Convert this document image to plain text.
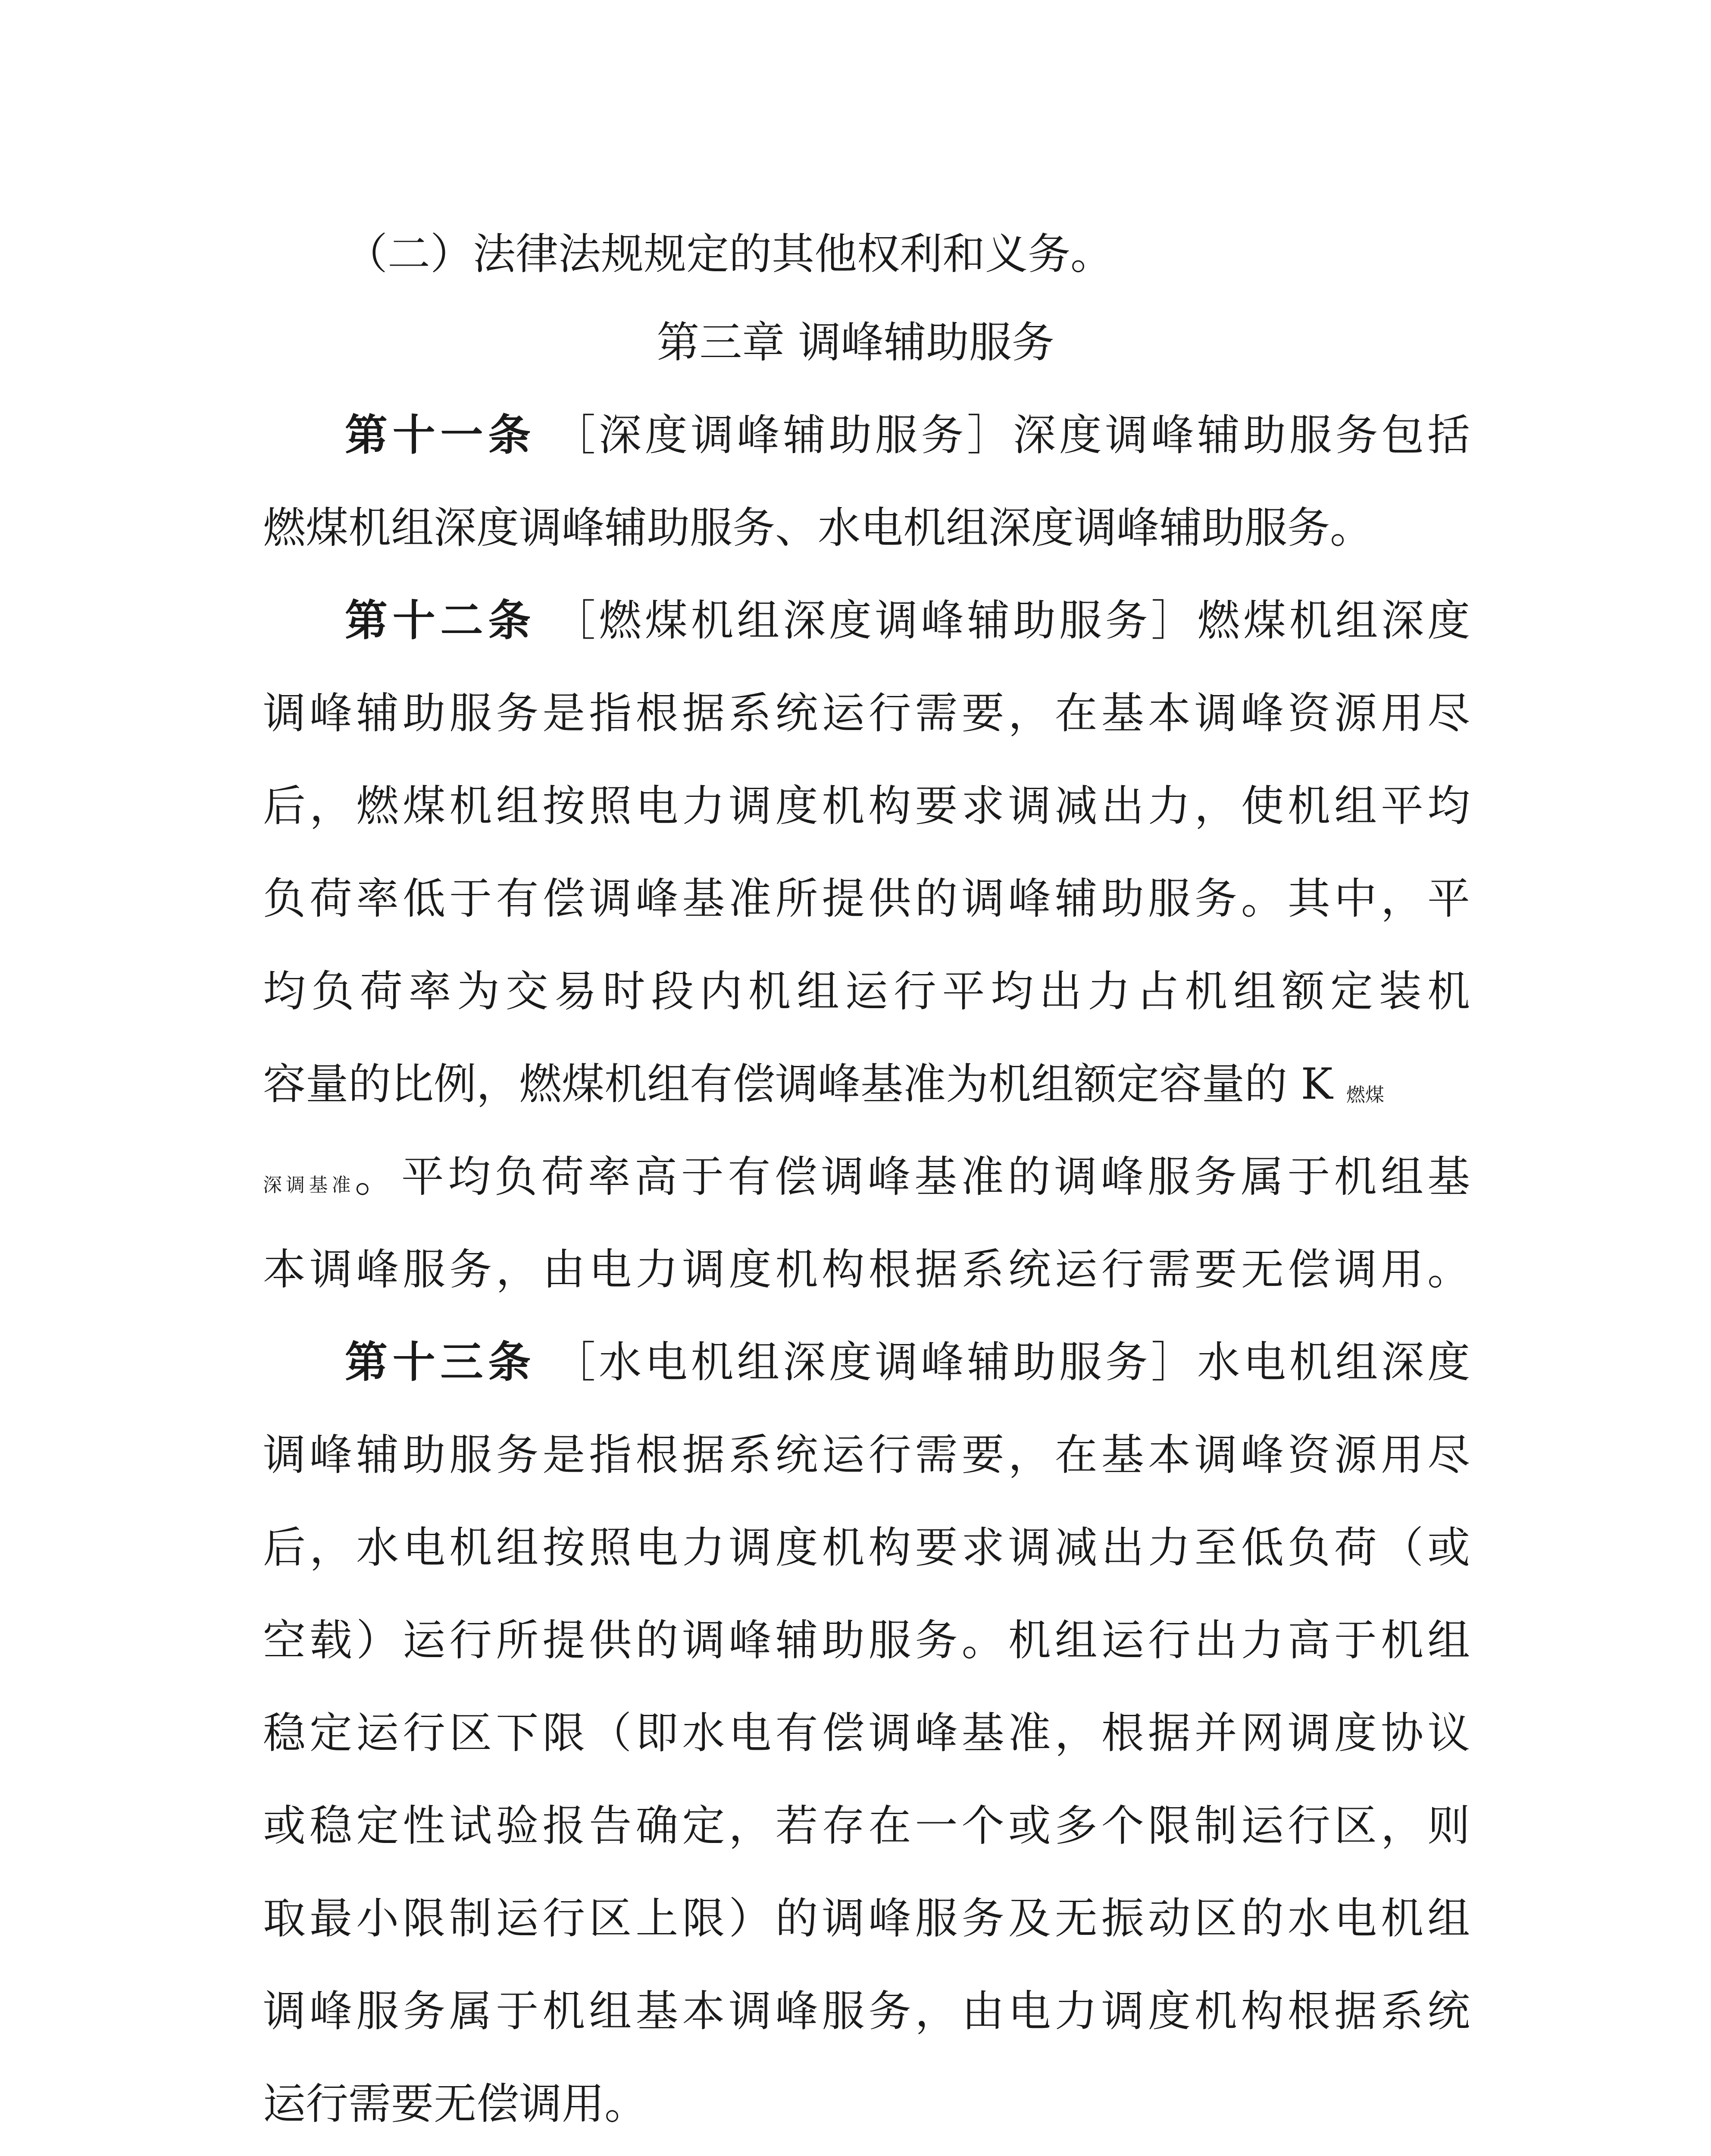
（二）法律法规规定的其他权利和义务。
第三章 调峰辅助服务
第十一条 ［深度调峰辅助服务］深度调峰辅助服务包括
燃煤机组深度调峰辅助服务、水电机组深度调峰辅助服务。
第十二条 ［燃煤机组深度调峰辅助服务］燃煤机组深度
调峰辅助服务是指根据系统运行需要，在基本调峰资源用尽
后，燃煤机组按照电力调度机构要求调减出力，使机组平均
负荷率低于有偿调峰基准所提供的调峰辅助服务。其中，平
均负荷率为交易时段内机组运行平均出力占机组额定装机
容量的比例，燃煤机组有偿调峰基准为机组额定容量的 K 燃煤
深调基准。平均负荷率高于有偿调峰基准的调峰服务属于机组基
本调峰服务，由电力调度机构根据系统运行需要无偿调用。
第十三条 ［水电机组深度调峰辅助服务］水电机组深度
调峰辅助服务是指根据系统运行需要，在基本调峰资源用尽
后，水电机组按照电力调度机构要求调减出力至低负荷（或
空载）运行所提供的调峰辅助服务。机组运行出力高于机组
稳定运行区下限（即水电有偿调峰基准，根据并网调度协议
或稳定性试验报告确定，若存在一个或多个限制运行区，则
取最小限制运行区上限）的调峰服务及无振动区的水电机组
调峰服务属于机组基本调峰服务，由电力调度机构根据系统
运行需要无偿调用。
